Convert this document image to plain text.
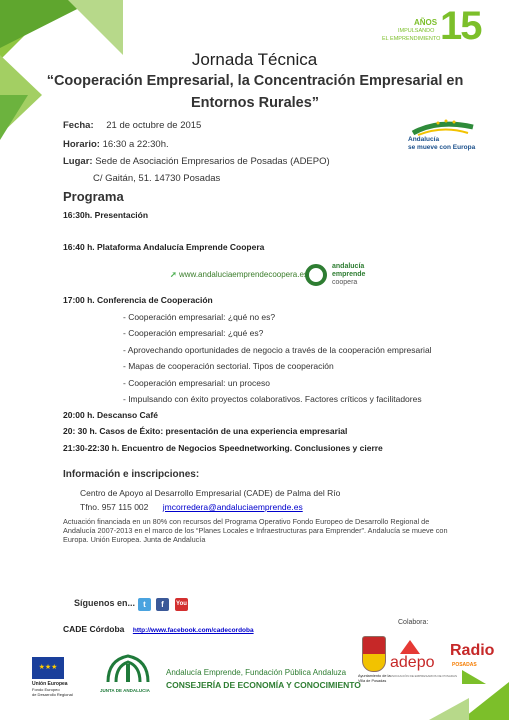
15
AÑOS
IMPULSANDO
EL EMPRENDIMIENTO
Jornada Técnica
“Cooperación Empresarial, la Concentración Empresarial en
Entornos Rurales”
Fecha: 21 de octubre de 2015
Horario: 16:30 a 22:30h.
Lugar: Sede de Asociación Empresarios de Posadas (ADEPO)
C/ Gaitán, 51. 14730 Posadas
Andalucía
se mueve con Europa
Programa
16:30h. Presentación
16:40 h. Plataforma Andalucía Emprende Coopera
➚ www.andaluciaemprendecoopera.es
andalucía
emprende
coopera
17:00 h. Conferencia de Cooperación
- Cooperación empresarial: ¿qué no es?
- Cooperación empresarial: ¿qué es?
- Aprovechando oportunidades de negocio a través de la cooperación empresarial
- Mapas de cooperación sectorial. Tipos de cooperación
- Cooperación empresarial: un proceso
- Impulsando con éxito proyectos colaborativos. Factores críticos y facilitadores
20:00 h. Descanso Café
20: 30 h. Casos de Éxito: presentación de una experiencia empresarial
21:30-22:30 h. Encuentro de Negocios Speednetworking. Conclusiones y cierre
Información e inscripciones:
Centro de Apoyo al Desarrollo Empresarial (CADE) de Palma del Río
Tfno. 957 115 002 jmcorredera@andaluciaemprende.es
Actuación financiada en un 80% con recursos del Programa Operativo Fondo Europeo de Desarrollo Regional de
Andalucía 2007-2013 en el marco de los “Planes Locales e Infraestructuras para Emprender”. Andalucía se mueve con
Europa. Unión Europea. Junta de Andalucía
Síguenos en...	t	f	You
CADE Córdoba http://www.facebook.com/cadecordoba
Colabora:
★★★
Unión Europea
Fondo Europeo
de Desarrollo Regional
JUNTA DE ANDALUCIA
Andalucía Emprende, Fundación Pública Andaluza
CONSEJERÍA DE ECONOMÍA Y CONOCIMIENTO
Ayuntamiento de la
Villa de Posadas
adepo
ASOCIACIÓN DE EMPRESARIOS DE POSADAS
Radio
POSADAS
